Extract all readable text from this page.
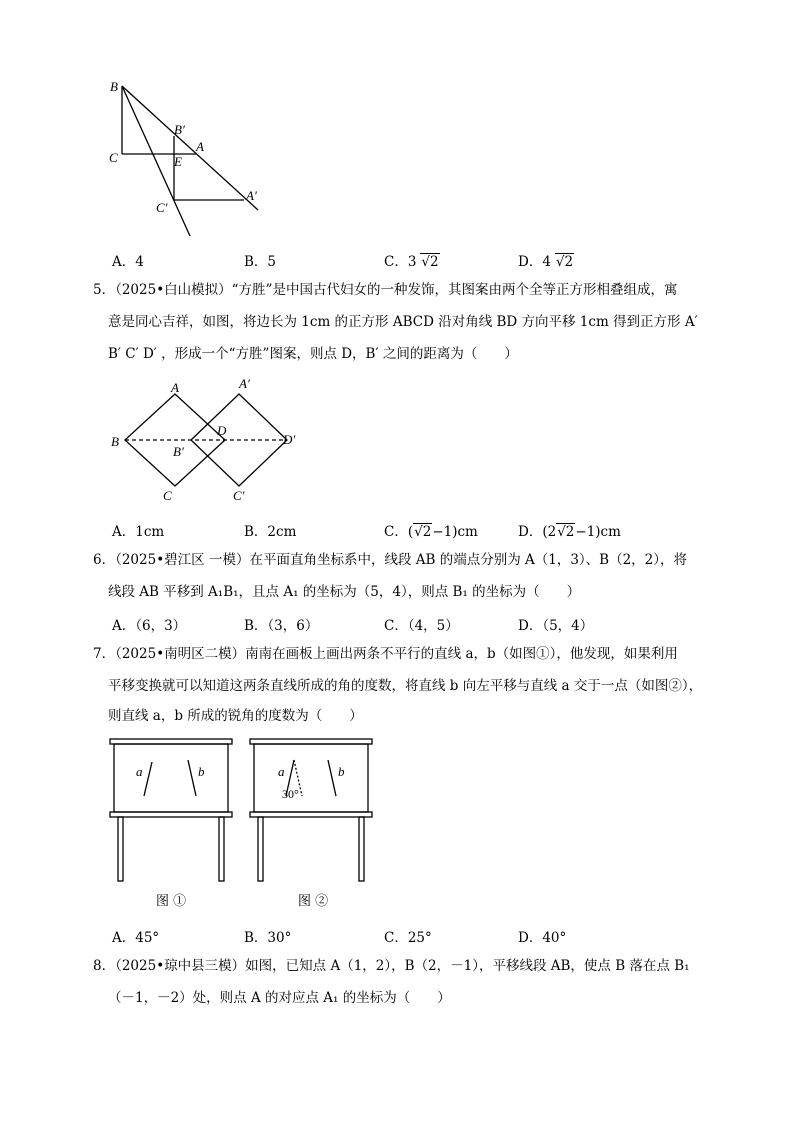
B
B′
A
C	E
C′
A′
A．4	B．5	C．3 √2	D．4 √2
5．（2025•白山模拟）“方胜”是中国古代妇女的一种发饰，其图案由两个全等正方形相叠组成，寓
意是同心吉祥，如图，将边长为 1cm 的正方形 ABCD 沿对角线 BD 方向平移 1cm 得到正方形 A′
B′ C′ D′ ，形成一个“方胜”图案，则点 D，B′ 之间的距离为（　　）
A	A′
B
D
D′
B′
C	C′
A．1cm	B．2cm	C．(√2−1)cm	D．(2√2−1)cm
6．（2025•碧江区 一模）在平面直角坐标系中，线段 AB 的端点分别为 A（1，3）、B（2，2），将
线段 AB 平移到 A₁B₁，且点 A₁ 的坐标为（5，4），则点 B₁ 的坐标为（　　）
A．（6，3）	B．（3，6）	C．（4，5）	D．（5，4）
7．（2025•南明区二模）南南在画板上画出两条不平行的直线 a，b（如图①），他发现，如果利用
平移变换就可以知道这两条直线所成的角的度数，将直线 b 向左平移与直线 a 交于一点（如图②），
则直线 a，b 所成的锐角的度数为（　　）
a	b	a	b
30°
图 ①	图 ②
A．45°	B．30°	C．25°	D．40°
8．（2025•琼中县三模）如图，已知点 A（1，2），B（2，－1），平移线段 AB，使点 B 落在点 B₁
（－1，－2）处，则点 A 的对应点 A₁ 的坐标为（　　）
